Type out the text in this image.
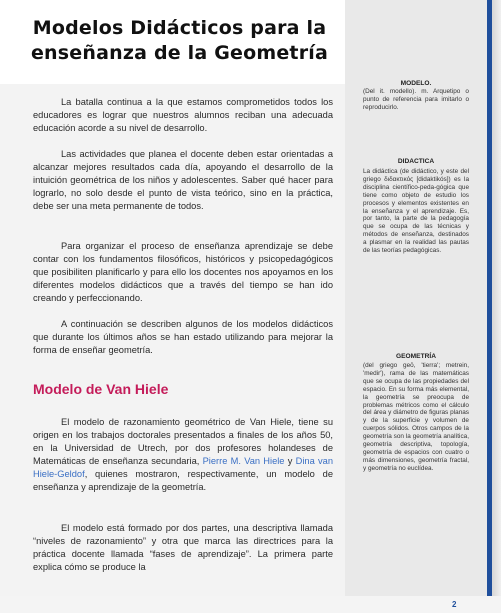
Modelos Didácticos para la
enseñanza de la Geometría

La batalla continua a la que estamos comprometidos todos los educadores es lograr que nuestros alumnos reciban una adecuada educación acorde a su nivel de desarrollo.

Las actividades que planea el docente deben estar orientadas a alcanzar mejores resultados cada día, apoyando el desarrollo de la intuición geométrica de los niños y adolescentes. Saber qué hacer para lograrlo, no solo desde el punto de vista teórico, sino en la práctica, debe ser una meta permanente de todos.

Para organizar el proceso de enseñanza aprendizaje se debe contar con los fundamentos filosóficos, históricos y psicopedagógicos que posibiliten planificarlo y para ello los docentes nos apoyamos en los diferentes modelos didácticos que a través del tiempo se han ido creando y perfeccionando.

A continuación se describen algunos de los modelos didácticos que durante los últimos años se han estado utilizando para mejorar la forma de enseñar geometría.

Modelo de Van Hiele

El modelo de razonamiento geométrico de Van Hiele, tiene su origen en los trabajos doctorales presentados a finales de los años 50, en la Universidad de Utrech, por dos profesores holandeses de Matemáticas de enseñanza secundaria, Pierre M. Van Hiele y Dina van Hiele-Geldof, quienes mostraron, respectivamente, un modelo de enseñanza y aprendizaje de la geometría.

El modelo está formado por dos partes, una descriptiva llamada “niveles de razonamiento” y otra que marca las directrices para la práctica docente llamada “fases de aprendizaje”. La primera parte explica cómo se produce la

MODELO.
(Del it. modello). m. Arquetipo o punto de referencia para imitarlo o reproducirlo.
DIDACTICA
La didáctica (de didáctico, y este del griego διδακτικός [didaktikós]) es la disciplina científico-peda-gógica que tiene como objeto de estudio los procesos y elementos existentes en la enseñanza y el aprendizaje. Es, por tanto, la parte de la pedagogía que se ocupa de las técnicas y métodos de enseñanza, destinados a plasmar en la realidad las pautas de las teorías pedagógicas.
GEOMETRÍA
(del griego geō, 'tierra'; metrein, 'medir'), rama de las matemáticas que se ocupa de las propiedades del espacio. En su forma más elemental, la geometría se preocupa de problemas métricos como el cálculo del área y diámetro de figuras planas y de la superficie y volumen de cuerpos sólidos. Otros campos de la geometría son la geometría analítica, geometría descriptiva, topología, geometría de espacios con cuatro o más dimensiones, geometría fractal, y geometría no euclídea.
2
